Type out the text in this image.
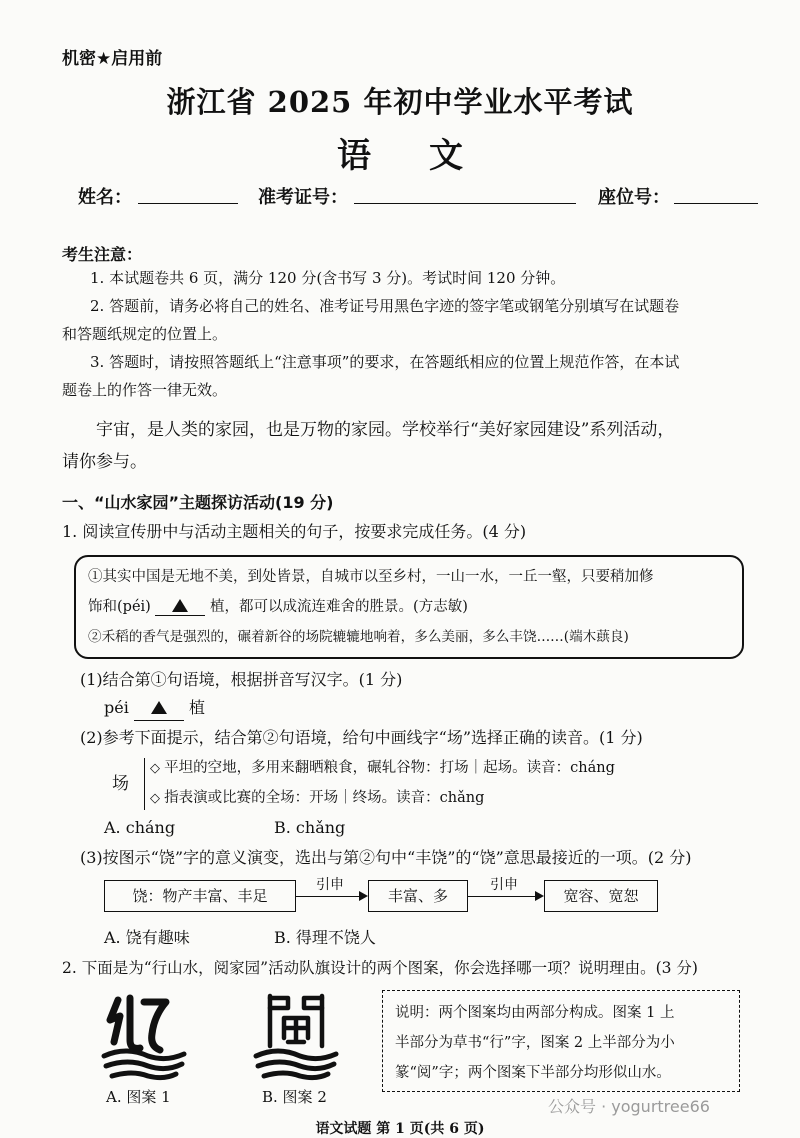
机密★启用前
浙江省 2025 年初中学业水平考试
语文
姓名：	准考证号：	座位号：
考生注意：
1. 本试题卷共 6 页，满分 120 分(含书写 3 分)。考试时间 120 分钟。
2. 答题前，请务必将自己的姓名、准考证号用黑色字迹的签字笔或钢笔分别填写在试题卷
和答题纸规定的位置上。
3. 答题时，请按照答题纸上“注意事项”的要求，在答题纸相应的位置上规范作答，在本试
题卷上的作答一律无效。
宇宙，是人类的家园，也是万物的家园。学校举行“美好家园建设”系列活动，
请你参与。
一、“山水家园”主题探访活动(19 分)
1. 阅读宣传册中与活动主题相关的句子，按要求完成任务。(4 分)
①其实中国是无地不美，到处皆景，自城市以至乡村，一山一水，一丘一壑，只要稍加修
饰和(péi)	植，都可以成流连难舍的胜景。(方志敏)
②禾稻的香气是强烈的，碾着新谷的场院辘辘地响着，多么美丽，多么丰饶……(端木蕻良)
(1)结合第①句语境，根据拼音写汉字。(1 分)
péi	植
(2)参考下面提示，结合第②句语境，给句中画线字“场”选择正确的读音。(1 分)
场
◇ 平坦的空地，多用来翻晒粮食，碾轧谷物：打场｜起场。读音：cháng
◇ 指表演或比赛的全场：开场｜终场。读音：chǎng
A. cháng	B. chǎng
(3)按图示“饶”字的意义演变，选出与第②句中“丰饶”的“饶”意思最接近的一项。(2 分)
饶：物产丰富、丰足
引申
丰富、多
引申
宽容、宽恕
A. 饶有趣味	B. 得理不饶人
2. 下面是为“行山水，阅家园”活动队旗设计的两个图案，你会选择哪一项？说明理由。(3 分)
A. 图案 1	B. 图案 2
说明：两个图案均由两部分构成。图案 1 上
半部分为草书“行”字，图案 2 上半部分为小
篆“阅”字；两个图案下半部分均形似山水。
公众号 · yogurtree66
语文试题 第 1 页(共 6 页)
